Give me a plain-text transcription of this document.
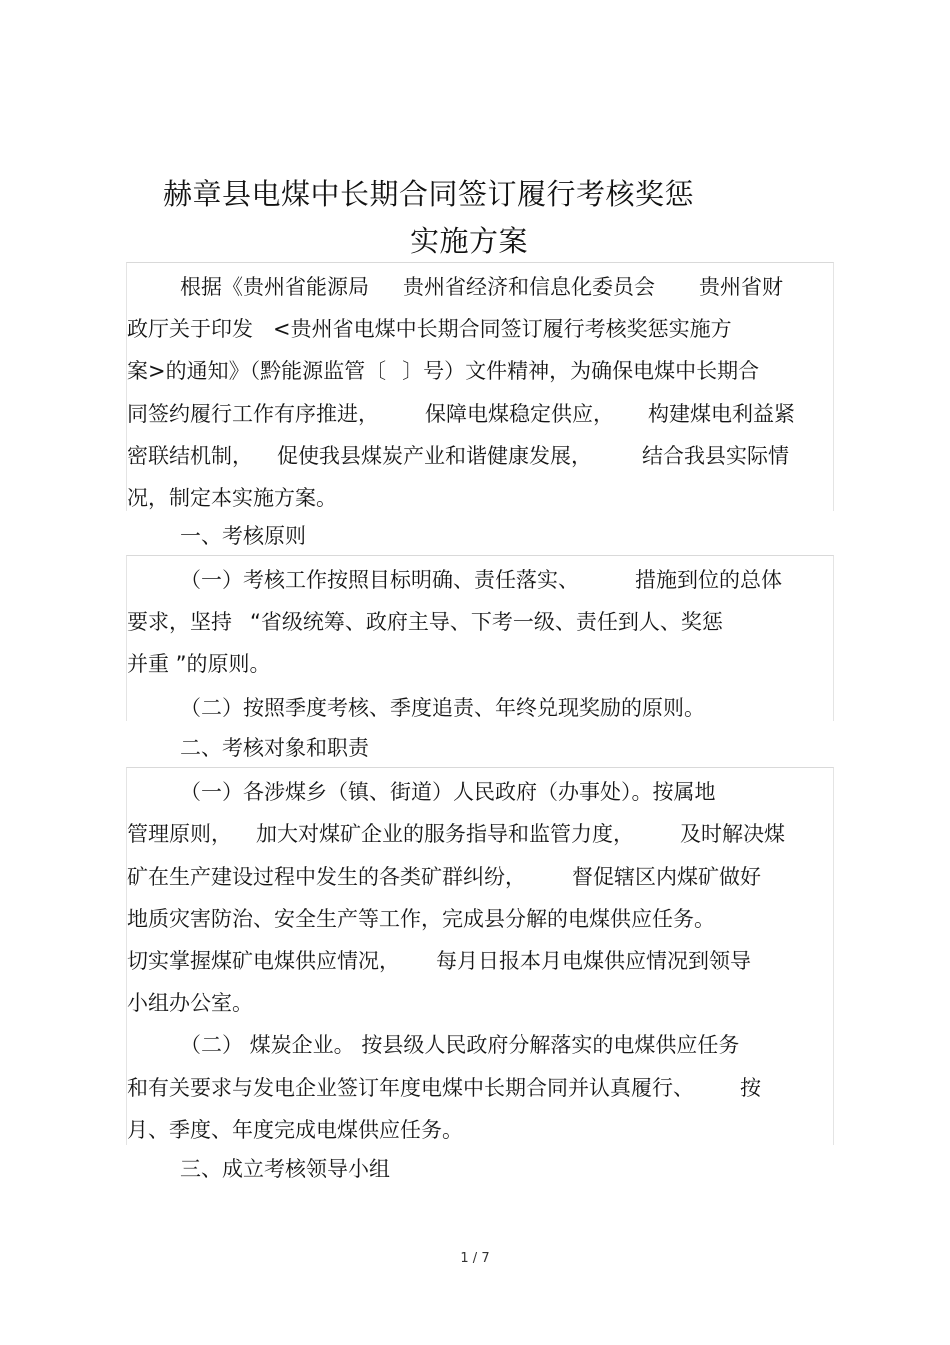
赫章县电煤中长期合同签订履行考核奖惩
实施方案
根据《贵州省能源局 贵州省经济和信息化委员会 贵州省财
政厅关于印发 <贵州省电煤中长期合同签订履行考核奖惩实施方
案>的通知》（黔能源监管〔 〕号）文件精神，为确保电煤中长期合
同签约履行工作有序推进， 保障电煤稳定供应， 构建煤电利益紧
密联结机制， 促使我县煤炭产业和谐健康发展， 结合我县实际情
况，制定本实施方案。
一、考核原则
（一）考核工作按照目标明确、责任落实、	措施到位的总体
要求，坚持 “省级统筹、政府主导、下考一级、责任到人、奖惩
并重 ”的原则。
（二）按照季度考核、季度追责、年终兑现奖励的原则。
二、考核对象和职责
（一）各涉煤乡（镇、街道）人民政府（办事处）。按属地
管理原则， 加大对煤矿企业的服务指导和监管力度， 及时解决煤
矿在生产建设过程中发生的各类矿群纠纷， 督促辖区内煤矿做好
地质灾害防治、安全生产等工作，完成县分解的电煤供应任务。
切实掌握煤矿电煤供应情况， 每月日报本月电煤供应情况到领导
小组办公室。
（二） 煤炭企业。 按县级人民政府分解落实的电煤供应任务
和有关要求与发电企业签订年度电煤中长期合同并认真履行、 按
月、季度、年度完成电煤供应任务。
三、成立考核领导小组
1 / 7
